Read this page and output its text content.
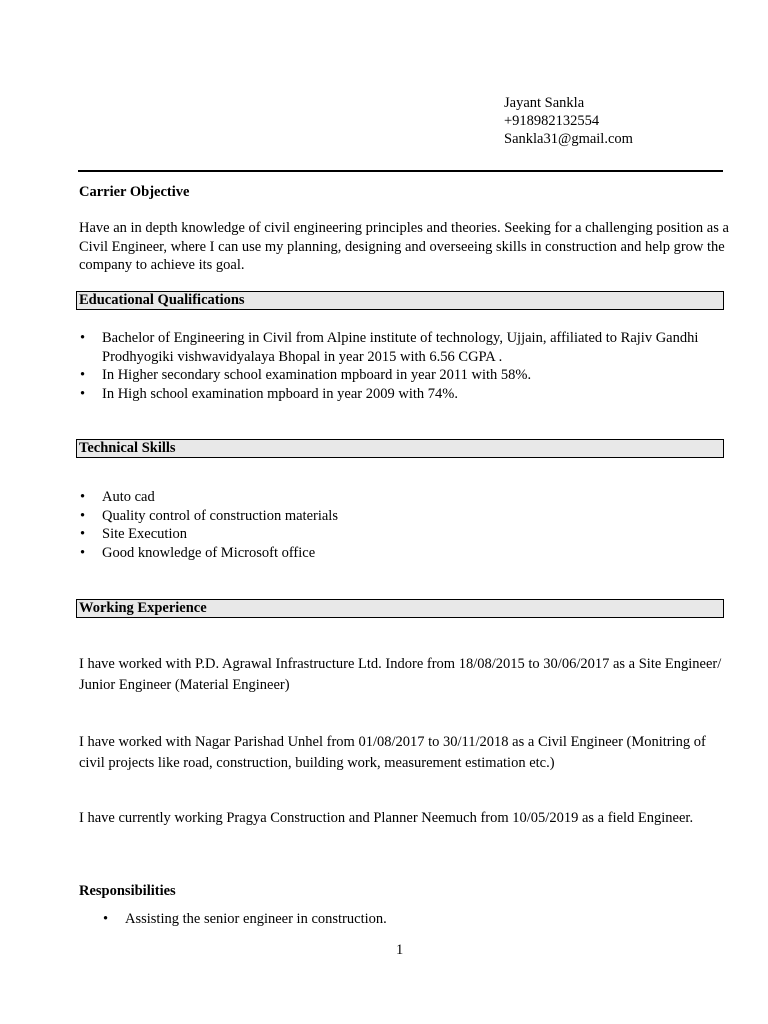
Jayant Sankla
+918982132554
Sankla31@gmail.com
Carrier Objective
Have an in depth knowledge of civil engineering principles and theories. Seeking for a challenging position as a Civil Engineer, where I can use my planning, designing and overseeing skills in construction and help grow the company to achieve its goal.
Educational Qualifications
• Bachelor of Engineering in Civil from Alpine institute of technology, Ujjain, affiliated to Rajiv Gandhi Prodhyogiki vishwavidyalaya Bhopal in year 2015 with 6.56 CGPA .
• In Higher secondary school examination mpboard in year 2011 with 58%.
• In High school examination mpboard in year 2009 with 74%.
Technical Skills
• Auto cad
• Quality control of construction materials
• Site Execution
• Good knowledge of Microsoft office
Working Experience
I have worked with P.D. Agrawal Infrastructure Ltd. Indore from 18/08/2015 to 30/06/2017 as a Site Engineer/ Junior Engineer (Material Engineer)
I have worked with Nagar Parishad Unhel from 01/08/2017 to 30/11/2018 as a Civil Engineer (Monitring of civil projects like road, construction, building work, measurement estimation etc.)
I have currently working Pragya Construction and Planner Neemuch from 10/05/2019 as a field Engineer.
Responsibilities
• Assisting the senior engineer in construction.
1
